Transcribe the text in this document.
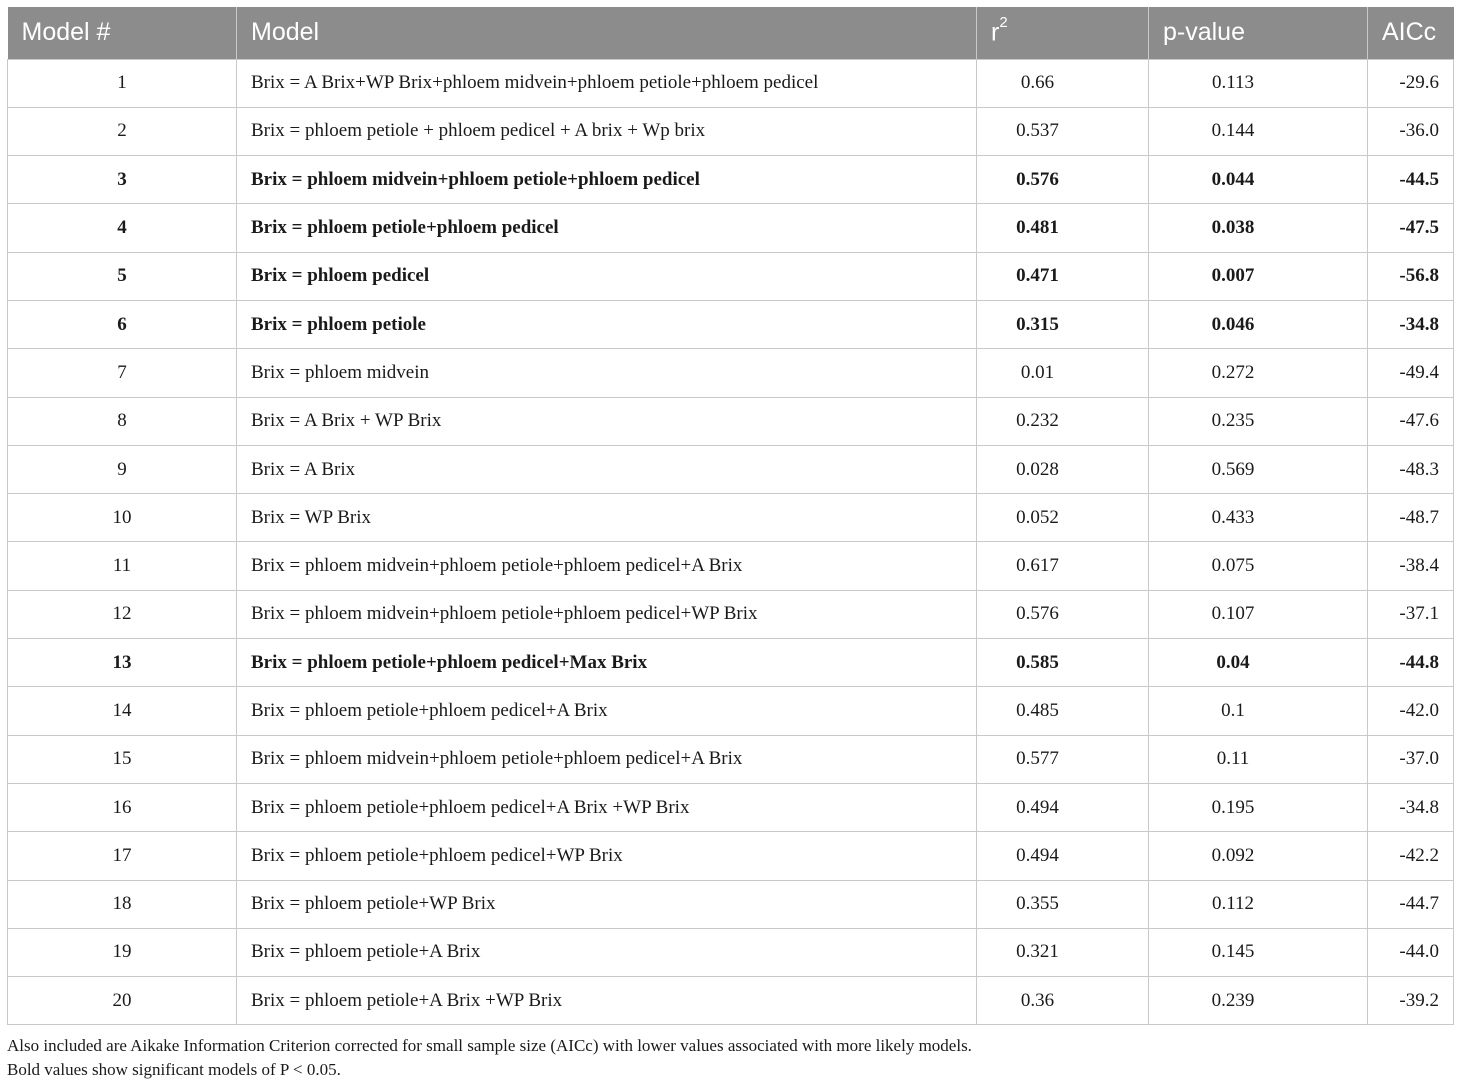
Model #	Model	$r^2$	p-value	AICc
1	Brix = A Brix+WP Brix+phloem midvein+phloem petiole+phloem pedicel	0.66	0.113	-29.6
2	Brix = phloem petiole + phloem pedicel + A brix + Wp brix	0.537	0.144	-36.0
3	Brix = phloem midvein+phloem petiole+phloem pedicel	0.576	0.044	-44.5
4	Brix = phloem petiole+phloem pedicel	0.481	0.038	-47.5
5	Brix = phloem pedicel	0.471	0.007	-56.8
6	Brix = phloem petiole	0.315	0.046	-34.8
7	Brix = phloem midvein	0.01	0.272	-49.4
8	Brix = A Brix + WP Brix	0.232	0.235	-47.6
9	Brix = A Brix	0.028	0.569	-48.3
10	Brix = WP Brix	0.052	0.433	-48.7
11	Brix = phloem midvein+phloem petiole+phloem pedicel+A Brix	0.617	0.075	-38.4
12	Brix = phloem midvein+phloem petiole+phloem pedicel+WP Brix	0.576	0.107	-37.1
13	Brix = phloem petiole+phloem pedicel+Max Brix	0.585	0.04	-44.8
14	Brix = phloem petiole+phloem pedicel+A Brix	0.485	0.1	-42.0
15	Brix = phloem midvein+phloem petiole+phloem pedicel+A Brix	0.577	0.11	-37.0
16	Brix = phloem petiole+phloem pedicel+A Brix +WP Brix	0.494	0.195	-34.8
17	Brix = phloem petiole+phloem pedicel+WP Brix	0.494	0.092	-42.2
18	Brix = phloem petiole+WP Brix	0.355	0.112	-44.7
19	Brix = phloem petiole+A Brix	0.321	0.145	-44.0
20	Brix = phloem petiole+A Brix +WP Brix	0.36	0.239	-39.2
Also included are Aikake Information Criterion corrected for small sample size (AICc) with lower values associated with more likely models.
Bold values show significant models of P < 0.05.
